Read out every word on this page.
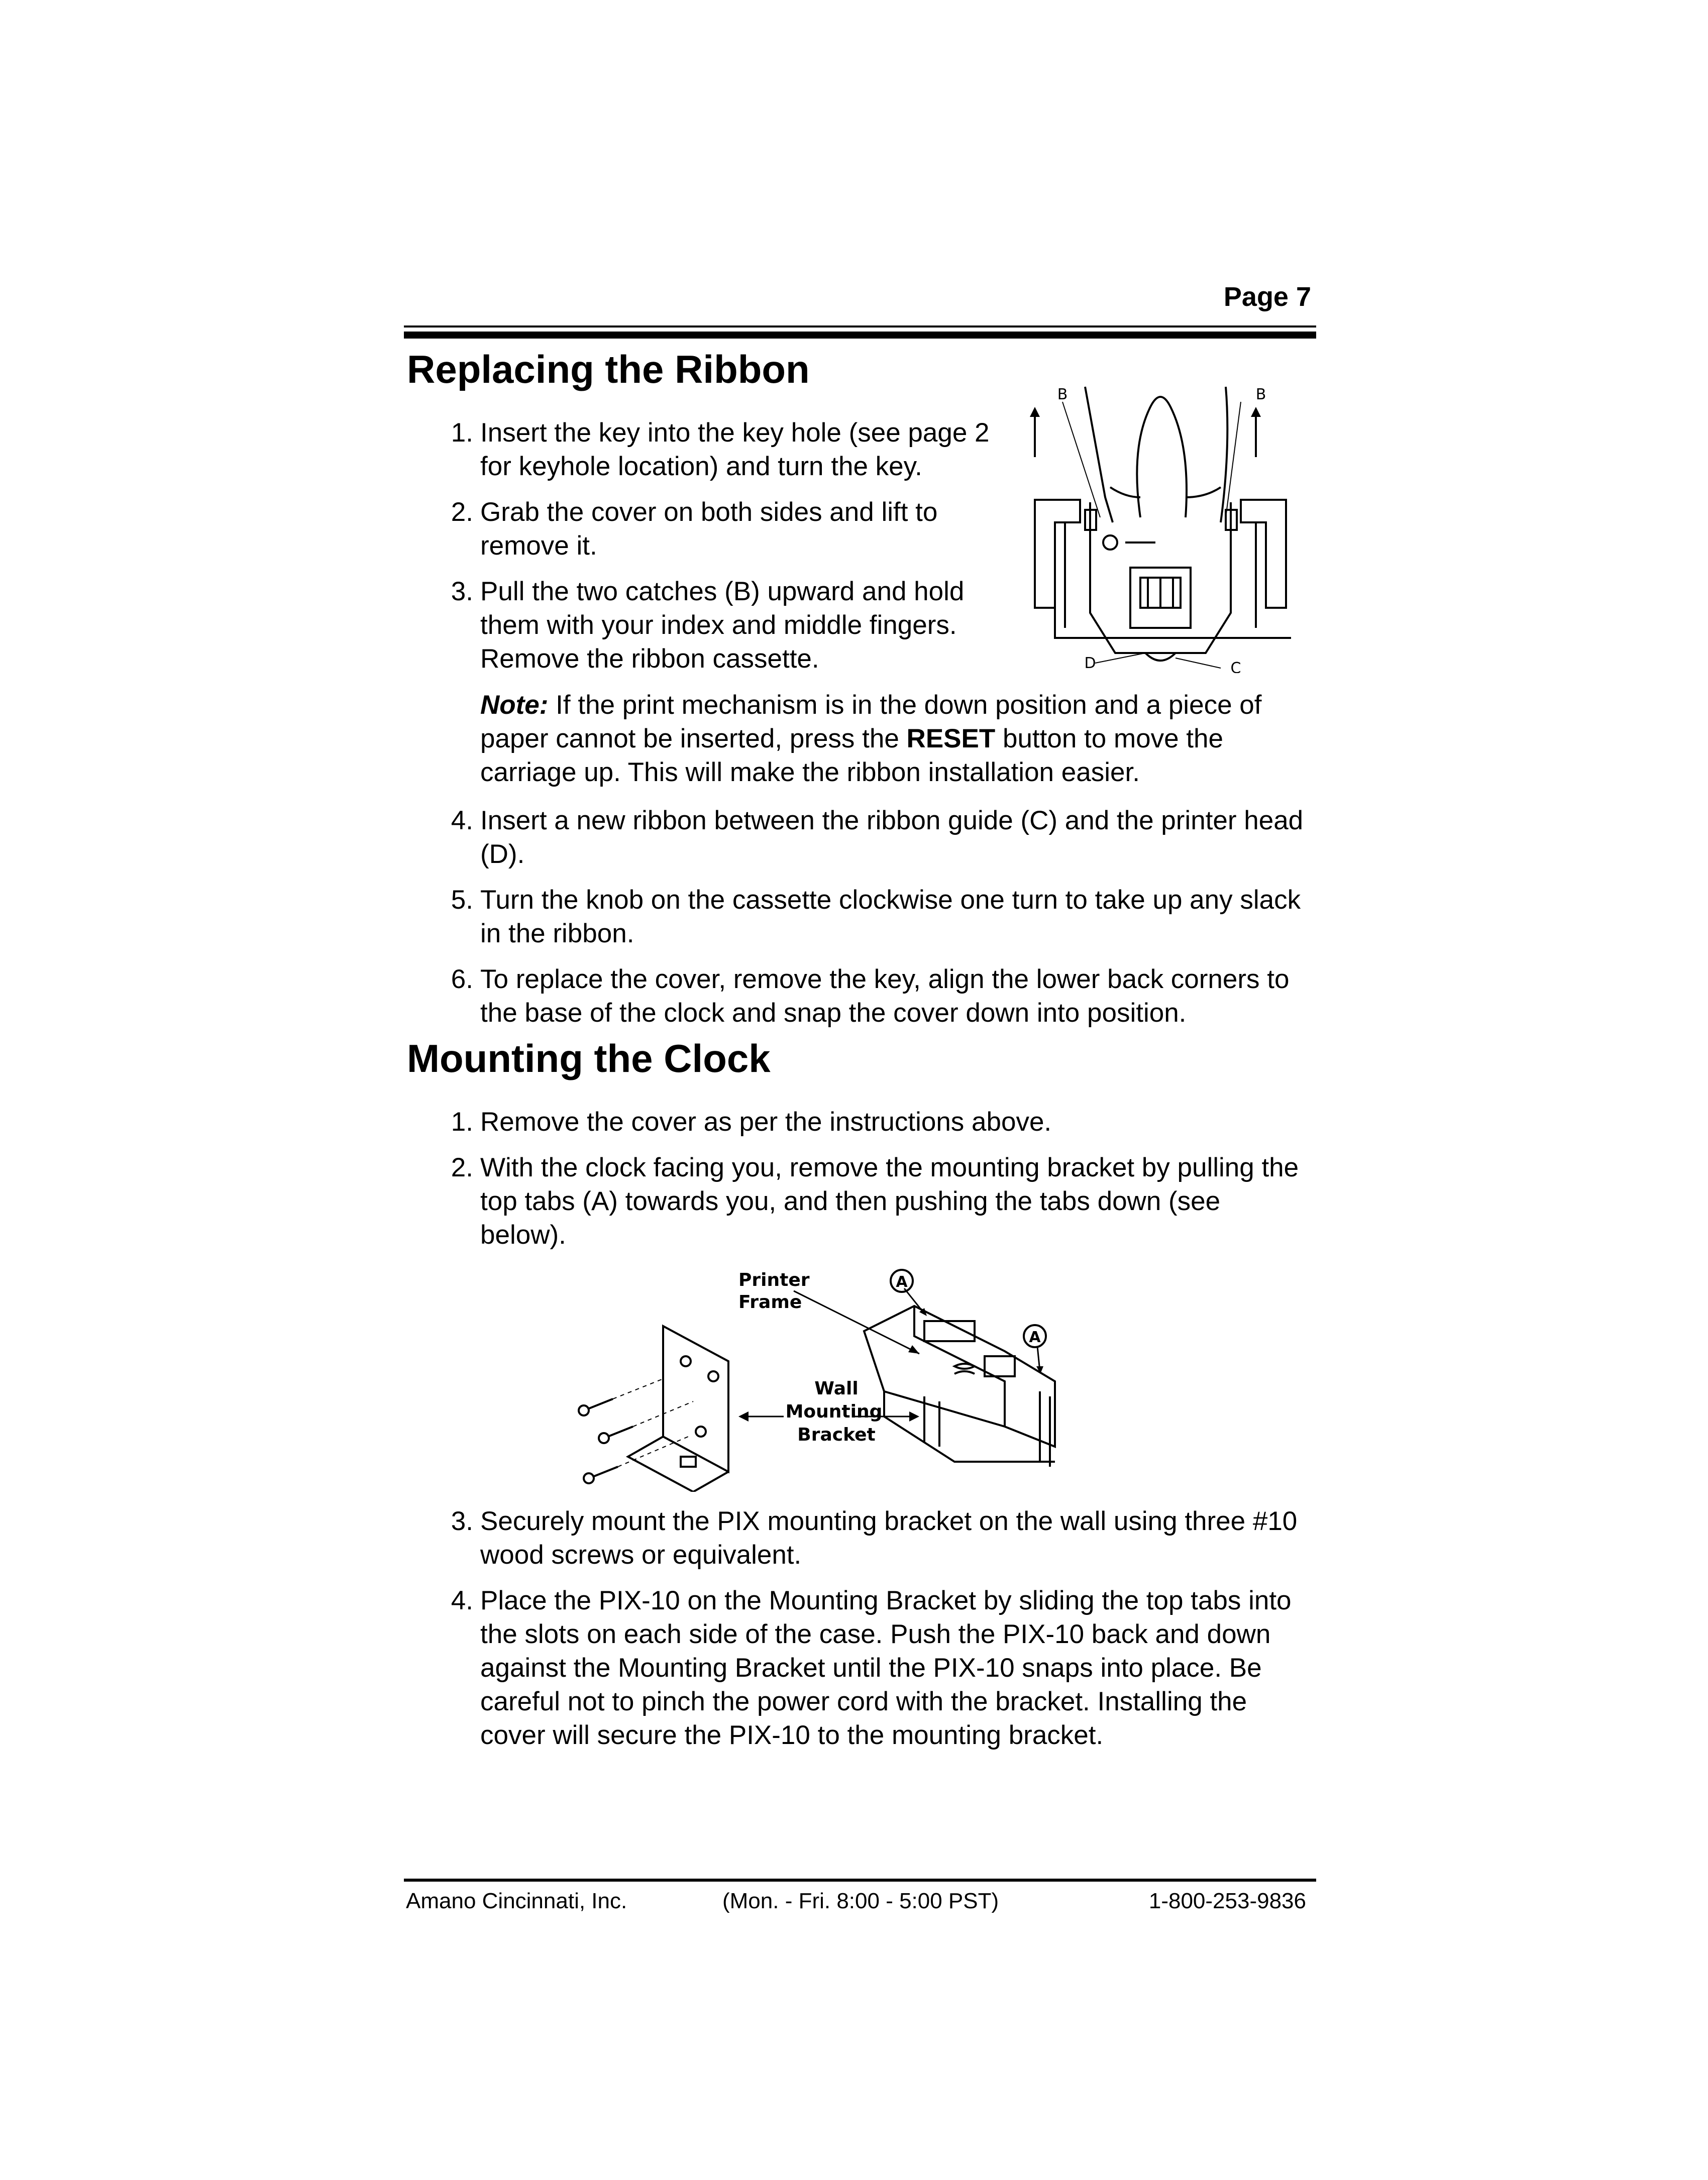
Page 7
Replacing the Ribbon
1. Insert the key into the key hole (see page 2 for keyhole location) and turn the key.
2. Grab the cover on both sides and lift to remove it.
3. Pull the two catches (B) upward and hold them with your index and middle fingers. Remove the ribbon cassette.
B	B
D	C
Note: If the print mechanism is in the down position and a piece of paper cannot be inserted, press the RESET button to move the carriage up. This will make the ribbon installation easier.
4. Insert a new ribbon between the ribbon guide (C) and the printer head (D).
5. Turn the knob on the cassette clockwise one turn to take up any slack in the ribbon.
6. To replace the cover, remove the key, align the lower back corners to the base of the clock and snap the cover down into position.
Mounting the Clock
1. Remove the cover as per the instructions above.
2. With the clock facing you, remove the mounting bracket by pulling the top tabs (A) towards you, and then pushing the tabs down (see below).
Printer
Frame
Wall
Mounting
Bracket
A
A
3. Securely mount the PIX mounting bracket on the wall using three #10 wood screws or equivalent.
4. Place the PIX-10 on the Mounting Bracket by sliding the top tabs into the slots on each side of the case. Push the PIX-10 back and down against the Mounting Bracket until the PIX-10 snaps into place. Be careful not to pinch the power cord with the bracket. Installing the cover will secure the PIX-10 to the mounting bracket.
Amano Cincinnati, Inc.	(Mon. - Fri. 8:00 - 5:00 PST)	1-800-253-9836
